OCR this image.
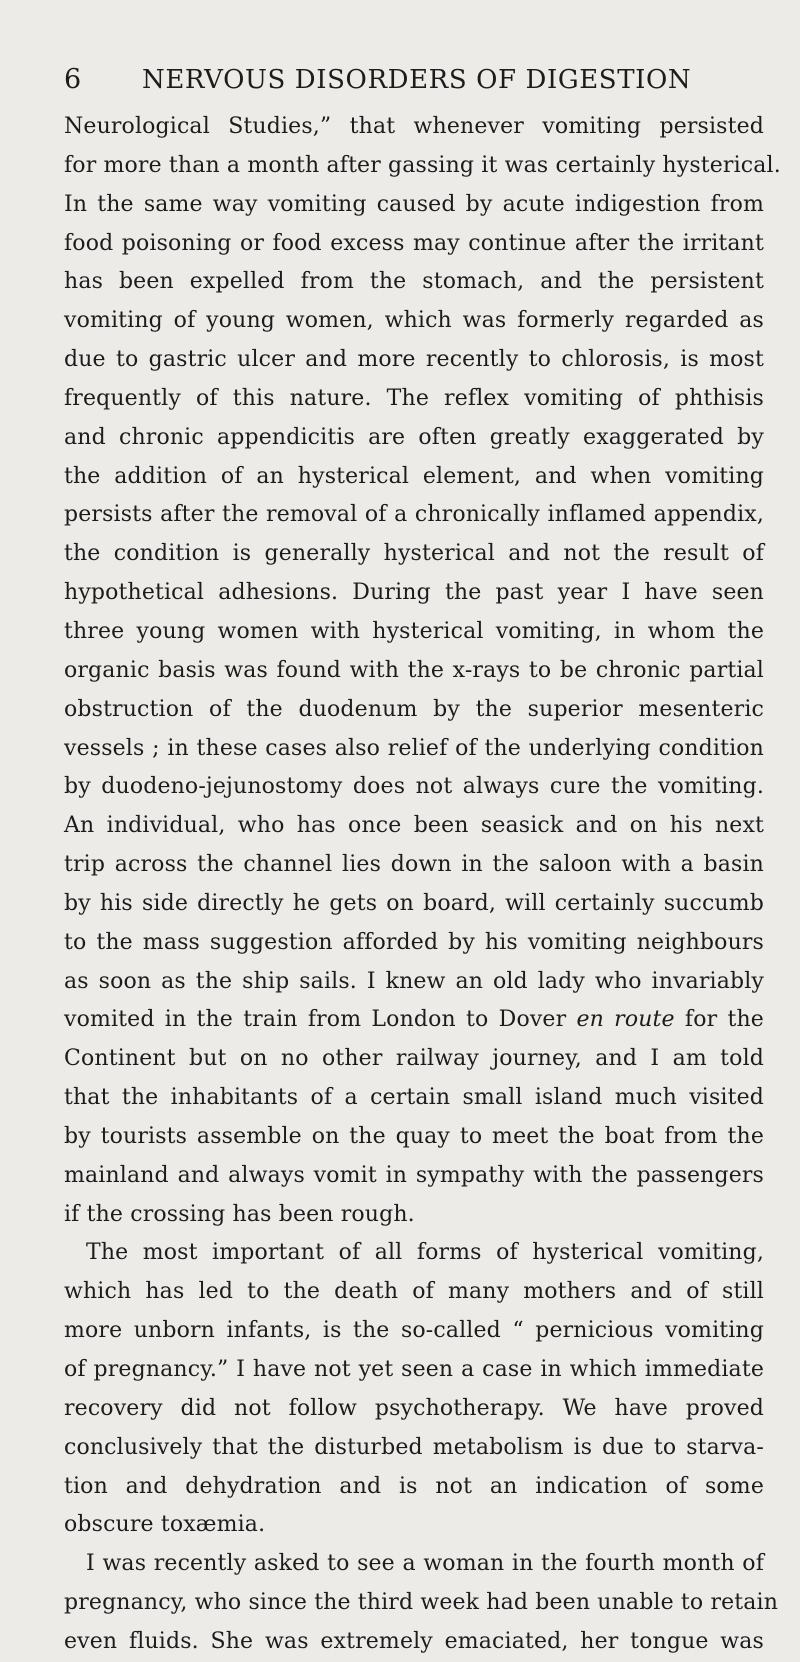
6 NERVOUS DISORDERS OF DIGESTION
Neurological Studies,” that whenever vomiting persisted
for more than a month after gassing it was certainly hysterical.
In the same way vomiting caused by acute indigestion from
food poisoning or food excess may continue after the irritant
has been expelled from the stomach, and the persistent
vomiting of young women, which was formerly regarded as
due to gastric ulcer and more recently to chlorosis, is most
frequently of this nature. The reflex vomiting of phthisis
and chronic appendicitis are often greatly exaggerated by
the addition of an hysterical element, and when vomiting
persists after the removal of a chronically inflamed appendix,
the condition is generally hysterical and not the result of
hypothetical adhesions. During the past year I have seen
three young women with hysterical vomiting, in whom the
organic basis was found with the x-rays to be chronic partial
obstruction of the duodenum by the superior mesenteric
vessels ; in these cases also relief of the underlying condition
by duodeno-jejunostomy does not always cure the vomiting.
An individual, who has once been seasick and on his next
trip across the channel lies down in the saloon with a basin
by his side directly he gets on board, will certainly succumb
to the mass suggestion afforded by his vomiting neighbours
as soon as the ship sails. I knew an old lady who invariably
vomited in the train from London to Dover en route for the
Continent but on no other railway journey, and I am told
that the inhabitants of a certain small island much visited
by tourists assemble on the quay to meet the boat from the
mainland and always vomit in sympathy with the passengers
if the crossing has been rough.
The most important of all forms of hysterical vomiting,
which has led to the death of many mothers and of still
more unborn infants, is the so-called “ pernicious vomiting
of pregnancy.” I have not yet seen a case in which immediate
recovery did not follow psychotherapy. We have proved
conclusively that the disturbed metabolism is due to starva-
tion and dehydration and is not an indication of some
obscure toxæmia.
I was recently asked to see a woman in the fourth month of
pregnancy, who since the third week had been unable to retain
even fluids. She was extremely emaciated, her tongue was
